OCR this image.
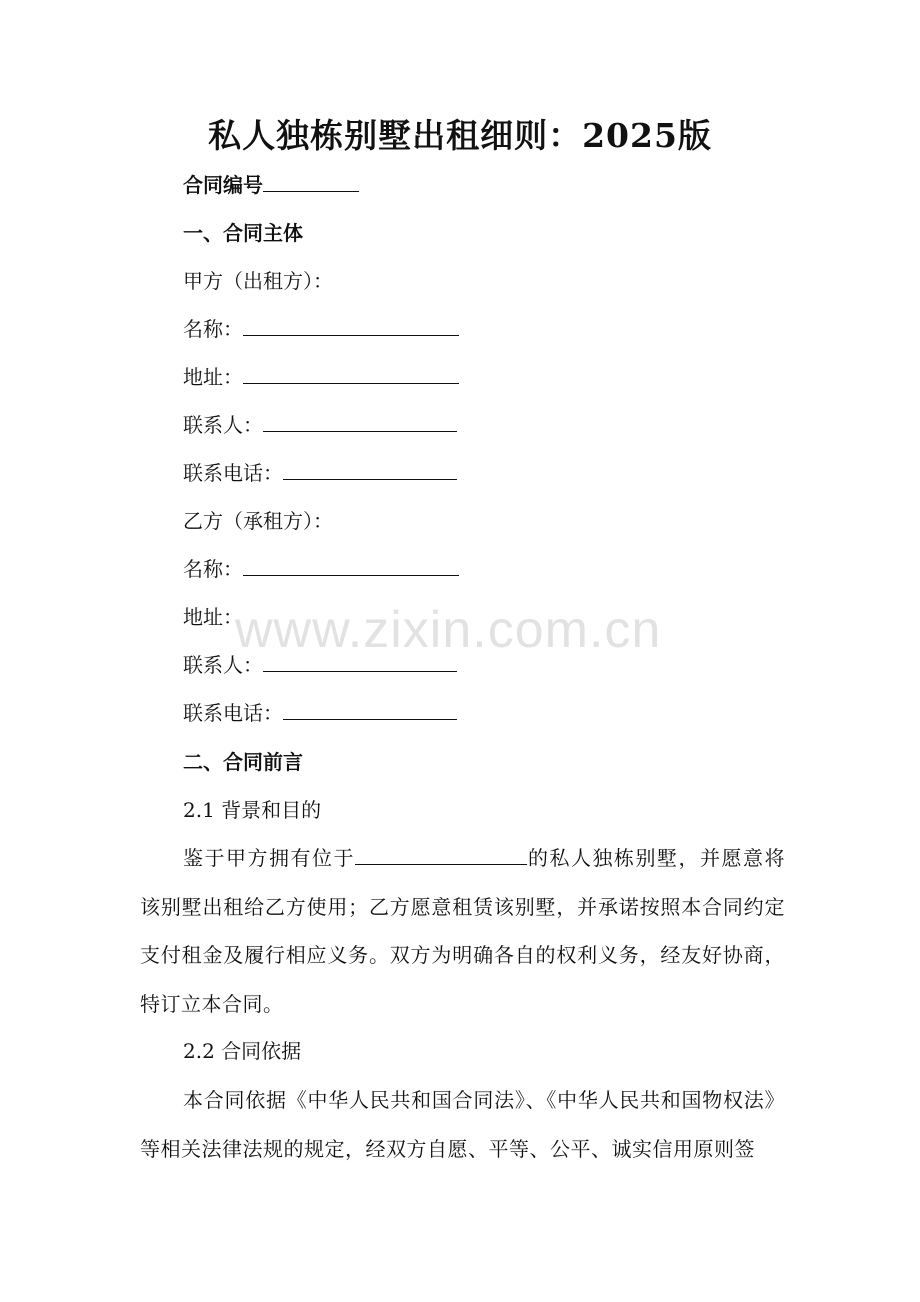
私人独栋别墅出租细则：2025版
合同编号
一、合同主体
甲方（出租方）：
名称：
地址：
联系人：
联系电话：
乙方（承租方）：
名称：
地址：
联系人：
联系电话：
二、合同前言
2.1 背景和目的
鉴于甲方拥有位于	的私人独栋别墅，并愿意将该别墅出租给乙方使用；乙方愿意租赁该别墅，并承诺按照本合同约定支付租金及履行相应义务。双方为明确各自的权利义务，经友好协商，特订立本合同。
2.2 合同依据
本合同依据《中华人民共和国合同法》、《中华人民共和国物权法》等相关法律法规的规定，经双方自愿、平等、公平、诚实信用原则签
www.zixin.com.cn
